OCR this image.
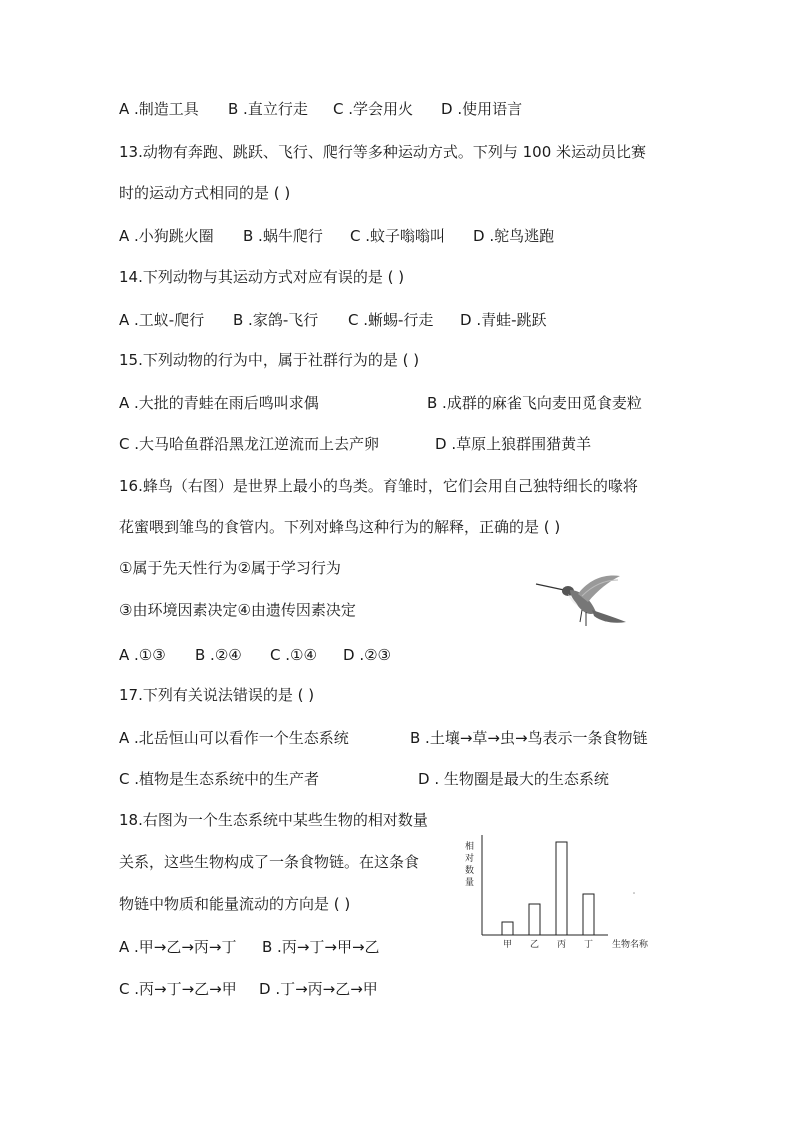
A .制造工具 B .直立行走 C .学会用火 D .使用语言
13.动物有奔跑、跳跃、飞行、爬行等多种运动方式。下列与 100 米运动员比赛
时的运动方式相同的是 ( )
A .小狗跳火圈 B .蜗牛爬行 C .蚊子嗡嗡叫 D .鸵鸟逃跑
14.下列动物与其运动方式对应有误的是 ( )
A .工蚁-爬行 B .家鸽-飞行 C .蜥蜴-行走 D .青蛙-跳跃
15.下列动物的行为中，属于社群行为的是 ( )
A .大批的青蛙在雨后鸣叫求偶	B .成群的麻雀飞向麦田觅食麦粒
C .大马哈鱼群沿黑龙江逆流而上去产卵	D .草原上狼群围猎黄羊
16.蜂鸟（右图）是世界上最小的鸟类。育雏时，它们会用自己独特细长的喙将
花蜜喂到雏鸟的食管内。下列对蜂鸟这种行为的解释，正确的是 ( )
①属于先天性行为②属于学习行为
③由环境因素决定④由遗传因素决定
A .①③ B .②④ C .①④ D .②③
17.下列有关说法错误的是 ( )
A .北岳恒山可以看作一个生态系统	B .土壤→草→虫→鸟表示一条食物链
C .植物是生态系统中的生产者	D . 生物圈是最大的生态系统
18.右图为一个生态系统中某些生物的相对数量
关系，这些生物构成了一条食物链。在这条食
物链中物质和能量流动的方向是 ( )
A .甲→乙→丙→丁 B .丙→丁→甲→乙
C .丙→丁→乙→甲 D .丁→丙→乙→甲
相
对
数
量
甲 乙 丙 丁 生物名称
